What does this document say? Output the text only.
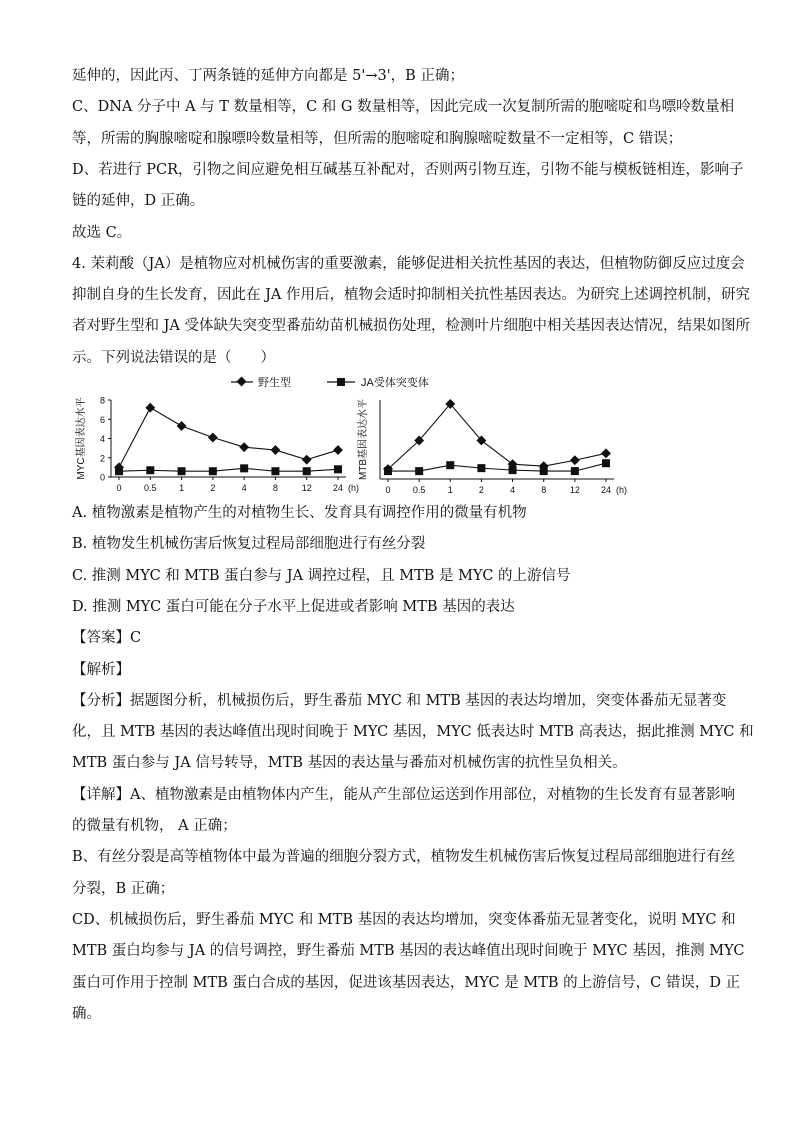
延伸的，因此丙、丁两条链的延伸方向都是 5'→3'，B 正确；
C、DNA 分子中 A 与 T 数量相等，C 和 G 数量相等，因此完成一次复制所需的胞嘧啶和鸟嘌呤数量相
等，所需的胸腺嘧啶和腺嘌呤数量相等，但所需的胞嘧啶和胸腺嘧啶数量不一定相等，C 错误；
D、若进行 PCR，引物之间应避免相互碱基互补配对，否则两引物互连，引物不能与模板链相连，影响子
链的延伸，D 正确。
故选 C。
4. 茉莉酸（JA）是植物应对机械伤害的重要激素，能够促进相关抗性基因的表达，但植物防御反应过度会
抑制自身的生长发育，因此在 JA 作用后，植物会适时抑制相关抗性基因表达。为研究上述调控机制，研究
者对野生型和 JA 受体缺失突变型番茄幼苗机械损伤处理，检测叶片细胞中相关基因表达情况，结果如图所
示。下列说法错误的是（　　）
野生型	JA受体突变体
0
2
4
6
8
0	0.5	1	2	4	8	12 24 (h)
MYC基因表达水平
0 0.5 1	2	4	8	12 24 (h)
MTB基因表达水平
A. 植物激素是植物产生的对植物生长、发育具有调控作用的微量有机物
B. 植物发生机械伤害后恢复过程局部细胞进行有丝分裂
C. 推测 MYC 和 MTB 蛋白参与 JA 调控过程，且 MTB 是 MYC 的上游信号
D. 推测 MYC 蛋白可能在分子水平上促进或者影响 MTB 基因的表达
【答案】C
【解析】
【分析】据题图分析，机械损伤后，野生番茄 MYC 和 MTB 基因的表达均增加，突变体番茄无显著变
化，且 MTB 基因的表达峰值出现时间晚于 MYC 基因，MYC 低表达时 MTB 高表达，据此推测 MYC 和
MTB 蛋白参与 JA 信号转导，MTB 基因的表达量与番茄对机械伤害的抗性呈负相关。
【详解】A、植物激素是由植物体内产生，能从产生部位运送到作用部位，对植物的生长发育有显著影响
的微量有机物， A 正确；
B、有丝分裂是高等植物体中最为普遍的细胞分裂方式，植物发生机械伤害后恢复过程局部细胞进行有丝
分裂，B 正确；
CD、机械损伤后，野生番茄 MYC 和 MTB 基因的表达均增加，突变体番茄无显著变化，说明 MYC 和
MTB 蛋白均参与 JA 的信号调控，野生番茄 MTB 基因的表达峰值出现时间晚于 MYC 基因，推测 MYC
蛋白可作用于控制 MTB 蛋白合成的基因，促进该基因表达，MYC 是 MTB 的上游信号，C 错误，D 正
确。
